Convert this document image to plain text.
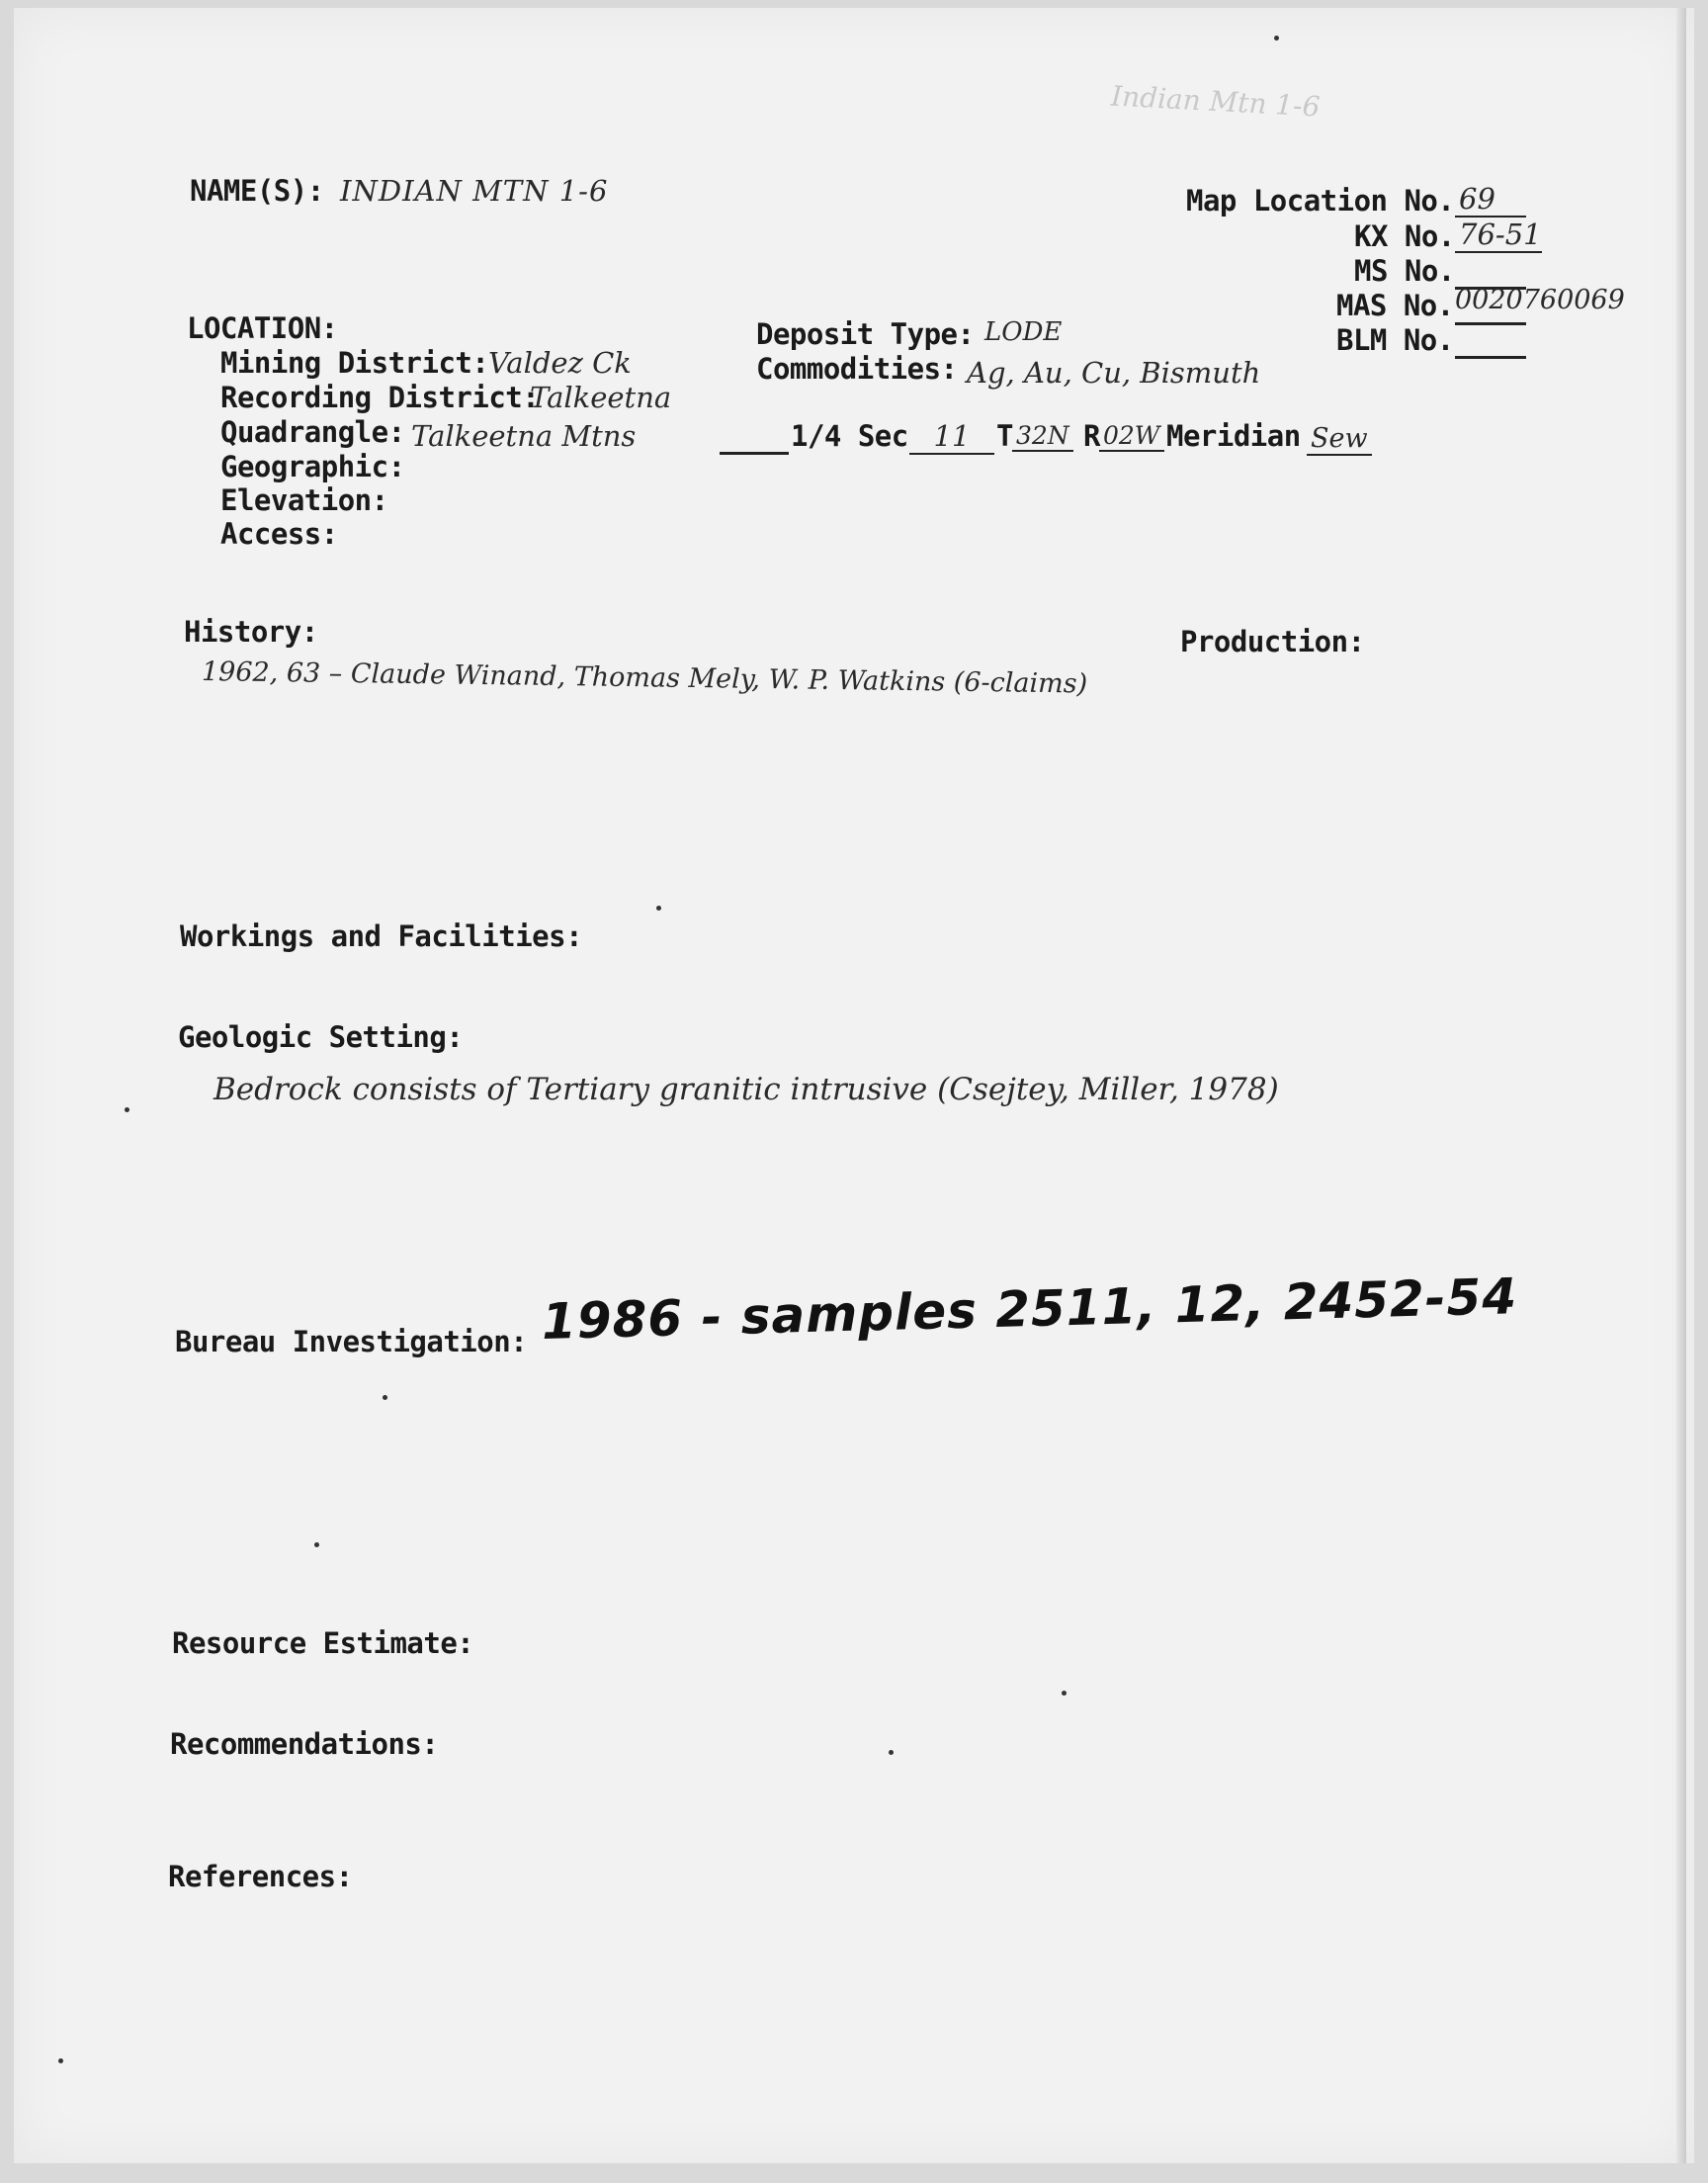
Indian Mtn 1-6
NAME(S): INDIAN MTN 1-6	Map Location No. 69
KX No. 76-51
MS No.
MAS No. 0020760069
BLM No.
LOCATION:
Mining District: Valdez Ck
Recording District:
Talkeetna
Quadrangle: Talkeetna Mtns
Geographic:
Elevation:
Access:
Deposit Type: LODE
Commodities: Ag, Au, Cu, Bismuth
1/4 Sec 11 T 32N R 02W Meridian Sew
History:
1962, 63 – Claude Winand, Thomas Mely, W. P. Watkins (6-claims)
Production:
Workings and Facilities:
Geologic Setting:
Bedrock consists of Tertiary granitic intrusive (Csejtey, Miller, 1978)
Bureau Investigation: 1986 - samples 2511, 12, 2452-54
Resource Estimate:
Recommendations:
References:
